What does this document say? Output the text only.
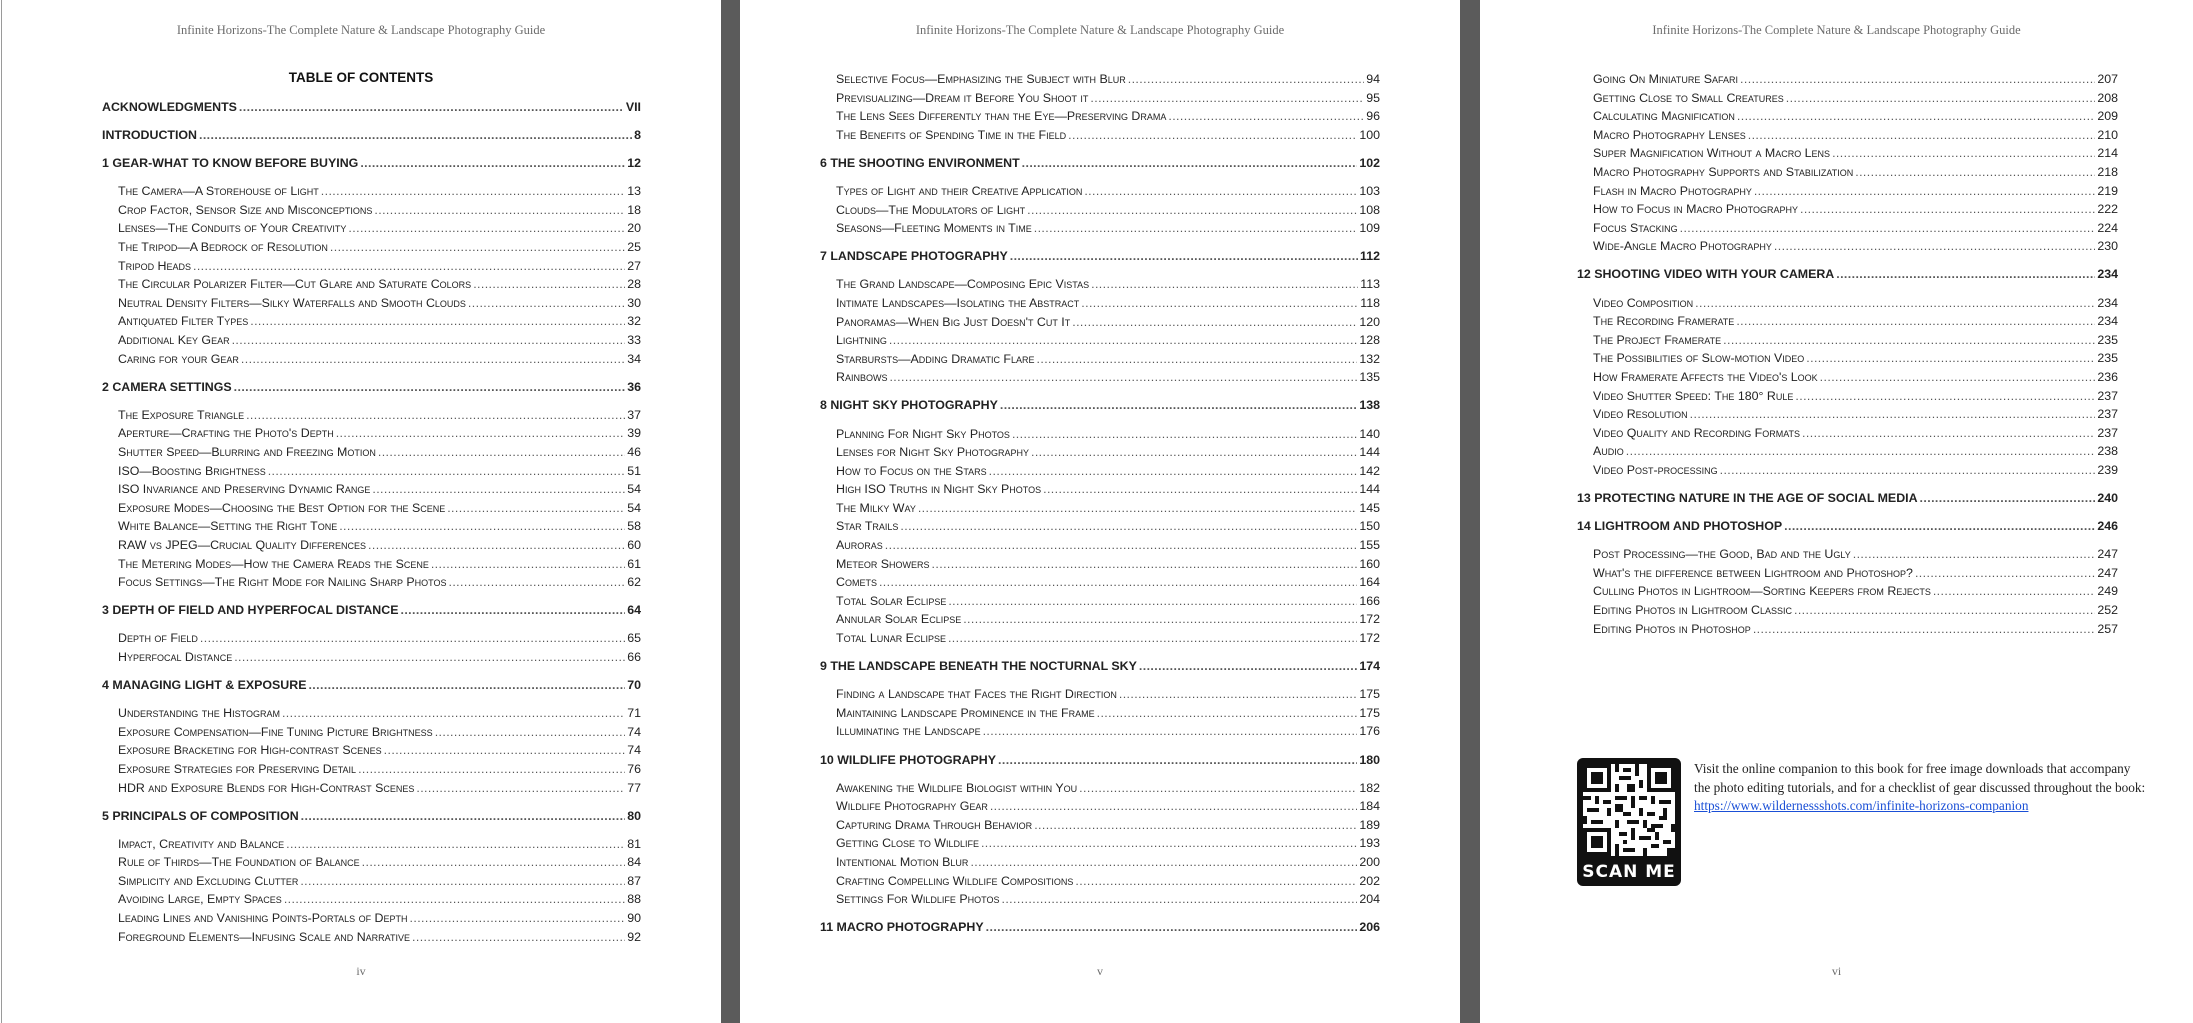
Infinite Horizons-The Complete Nature & Landscape Photography Guide
TABLE OF CONTENTS
ACKNOWLEDGMENTS .....	VII
INTRODUCTION .....	8
1 GEAR-WHAT TO KNOW BEFORE BUYING .....	12
The Camera—A Storehouse of Light .....	13
Crop Factor, Sensor Size and Misconceptions .....	18
Lenses—The Conduits of Your Creativity .....	20
The Tripod—A Bedrock of Resolution .....	25
Tripod Heads .....	27
The Circular Polarizer Filter—Cut Glare and Saturate Colors .....	28
Neutral Density Filters—Silky Waterfalls and Smooth Clouds .....	30
Antiquated Filter Types .....	32
Additional Key Gear .....	33
Caring for your Gear .....	34
2 CAMERA SETTINGS .....	36
The Exposure Triangle .....	37
Aperture—Crafting the Photo's Depth .....	39
Shutter Speed—Blurring and Freezing Motion .....	46
ISO—Boosting Brightness .....	51
ISO Invariance and Preserving Dynamic Range .....	54
Exposure Modes—Choosing the Best Option for the Scene .....	54
White Balance—Setting the Right Tone .....	58
RAW vs JPEG—Crucial Quality Differences .....	60
The Metering Modes—How the Camera Reads the Scene .....	61
Focus Settings—The Right Mode for Nailing Sharp Photos .....	62
3 DEPTH OF FIELD AND HYPERFOCAL DISTANCE .....	64
Depth of Field .....	65
Hyperfocal Distance .....	66
4 MANAGING LIGHT & EXPOSURE .....	70
Understanding the Histogram .....	71
Exposure Compensation—Fine Tuning Picture Brightness .....	74
Exposure Bracketing for High-contrast Scenes .....	74
Exposure Strategies for Preserving Detail .....	76
HDR and Exposure Blends for High-Contrast Scenes .....	77
5 PRINCIPALS OF COMPOSITION .....	80
Impact, Creativity and Balance .....	81
Rule of Thirds—The Foundation of Balance .....	84
Simplicity and Excluding Clutter .....	87
Avoiding Large, Empty Spaces .....	88
Leading Lines and Vanishing Points-Portals of Depth .....	90
Foreground Elements—Infusing Scale and Narrative .....	92
iv
Infinite Horizons-The Complete Nature & Landscape Photography Guide
Selective Focus—Emphasizing the Subject with Blur .....	94
Previsualizing—Dream it Before You Shoot it .....	95
The Lens Sees Differently than the Eye—Preserving Drama .....	96
The Benefits of Spending Time in the Field .....	100
6 THE SHOOTING ENVIRONMENT .....	102
Types of Light and their Creative Application .....	103
Clouds—The Modulators of Light .....	108
Seasons—Fleeting Moments in Time .....	109
7 LANDSCAPE PHOTOGRAPHY .....	112
The Grand Landscape—Composing Epic Vistas .....	113
Intimate Landscapes—Isolating the Abstract .....	118
Panoramas—When Big Just Doesn't Cut It .....	120
Lightning .....	128
Starbursts—Adding Dramatic Flare .....	132
Rainbows .....	135
8 NIGHT SKY PHOTOGRAPHY .....	138
Planning For Night Sky Photos .....	140
Lenses for Night Sky Photography .....	144
How to Focus on the Stars .....	142
High ISO Truths in Night Sky Photos .....	144
The Milky Way .....	145
Star Trails .....	150
Auroras .....	155
Meteor Showers .....	160
Comets .....	164
Total Solar Eclipse .....	166
Annular Solar Eclipse .....	172
Total Lunar Eclipse .....	172
9 THE LANDSCAPE BENEATH THE NOCTURNAL SKY .....	174
Finding a Landscape that Faces the Right Direction .....	175
Maintaining Landscape Prominence in the Frame .....	175
Illuminating the Landscape .....	176
10 WILDLIFE PHOTOGRAPHY .....	180
Awakening the Wildlife Biologist within You .....	182
Wildlife Photography Gear .....	184
Capturing Drama Through Behavior .....	189
Getting Close to Wildlife .....	193
Intentional Motion Blur .....	200
Crafting Compelling Wildlife Compositions .....	202
Settings For Wildlife Photos .....	204
11 MACRO PHOTOGRAPHY .....	206
v
Infinite Horizons-The Complete Nature & Landscape Photography Guide
Going On Miniature Safari .....	207
Getting Close to Small Creatures .....	208
Calculating Magnification .....	209
Macro Photography Lenses .....	210
Super Magnification Without a Macro Lens .....	214
Macro Photography Supports and Stabilization .....	218
Flash in Macro Photography .....	219
How to Focus in Macro Photography .....	222
Focus Stacking .....	224
Wide-Angle Macro Photography .....	230
12 SHOOTING VIDEO WITH YOUR CAMERA .....	234
Video Composition .....	234
The Recording Framerate .....	234
The Project Framerate .....	235
The Possibilities of Slow-motion Video .....	235
How Framerate Affects the Video's Look .....	236
Video Shutter Speed: The 180° Rule .....	237
Video Resolution .....	237
Video Quality and Recording Formats .....	237
Audio .....	238
Video Post-processing .....	239
13 PROTECTING NATURE IN THE AGE OF SOCIAL MEDIA .....	240
14 LIGHTROOM AND PHOTOSHOP .....	246
Post Processing—the Good, Bad and the Ugly .....	247
What's the difference between Lightroom and Photoshop? .....	247
Culling Photos in Lightroom—Sorting Keepers from Rejects .....	249
Editing Photos in Lightroom Classic .....	252
Editing Photos in Photoshop .....	257
SCAN ME
Visit the online companion to this book for free image downloads that accompany the photo editing tutorials, and for a checklist of gear discussed throughout the book:
https://www.wildernessshots.com/infinite-horizons-companion
vi
